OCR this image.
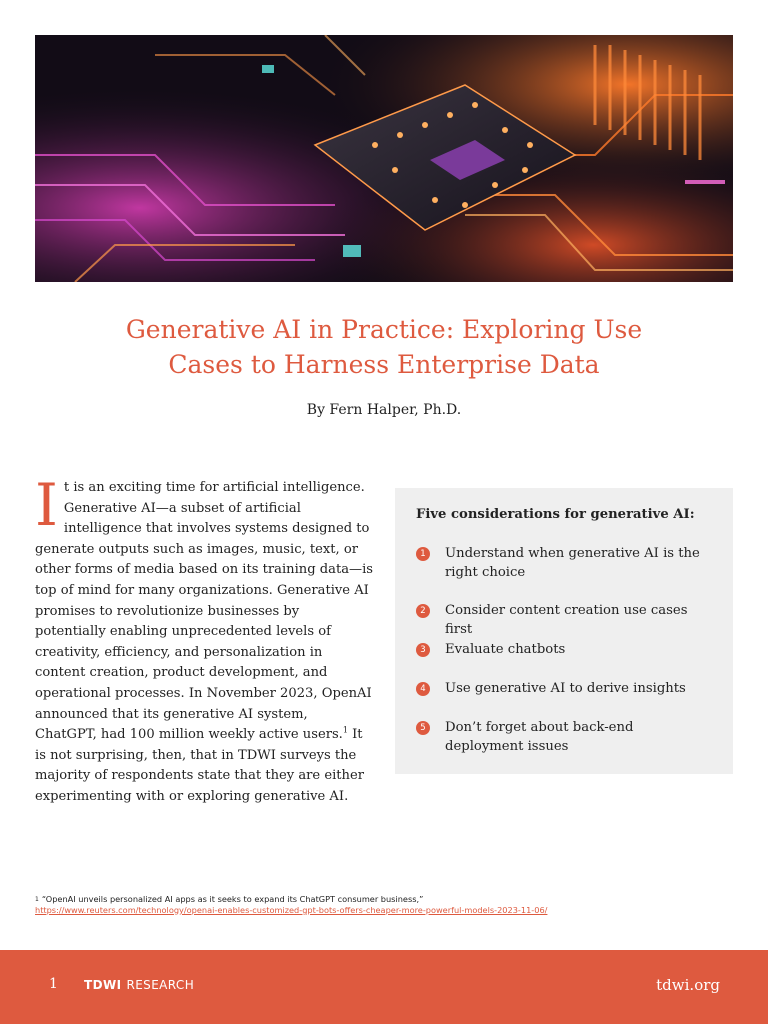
Generative AI in Practice: Exploring Use
Cases to Harness Enterprise Data
By Fern Halper, Ph.D.

It is an exciting time for artificial intelligence. Generative AI—a subset of artificial intelligence that involves systems designed to generate outputs such as images, music, text, or other forms of media based on its training data—is top of mind for many organizations. Generative AI promises to revolutionize businesses by potentially enabling unprecedented levels of creativity, efficiency, and personalization in content creation, product development, and operational processes. In November 2023, OpenAI announced that its generative AI system, ChatGPT, had 100 million weekly active users.$^1$ It is not surprising, then, that in TDWI surveys the majority of respondents state that they are either experimenting with or exploring generative AI.

Five considerations for generative AI:
1	Understand when generative AI is the right choice
2	Consider content creation use cases first
3	Evaluate chatbots
4	Use generative AI to derive insights
5	Don’t forget about back-end deployment issues
$^1$ “OpenAI unveils personalized AI apps as it seeks to expand its ChatGPT consumer business,”
https://www.reuters.com/technology/openai-enables-customized-gpt-bots-offers-cheaper-more-powerful-models-2023-11-06/
1 TDWI RESEARCH	tdwi.org
